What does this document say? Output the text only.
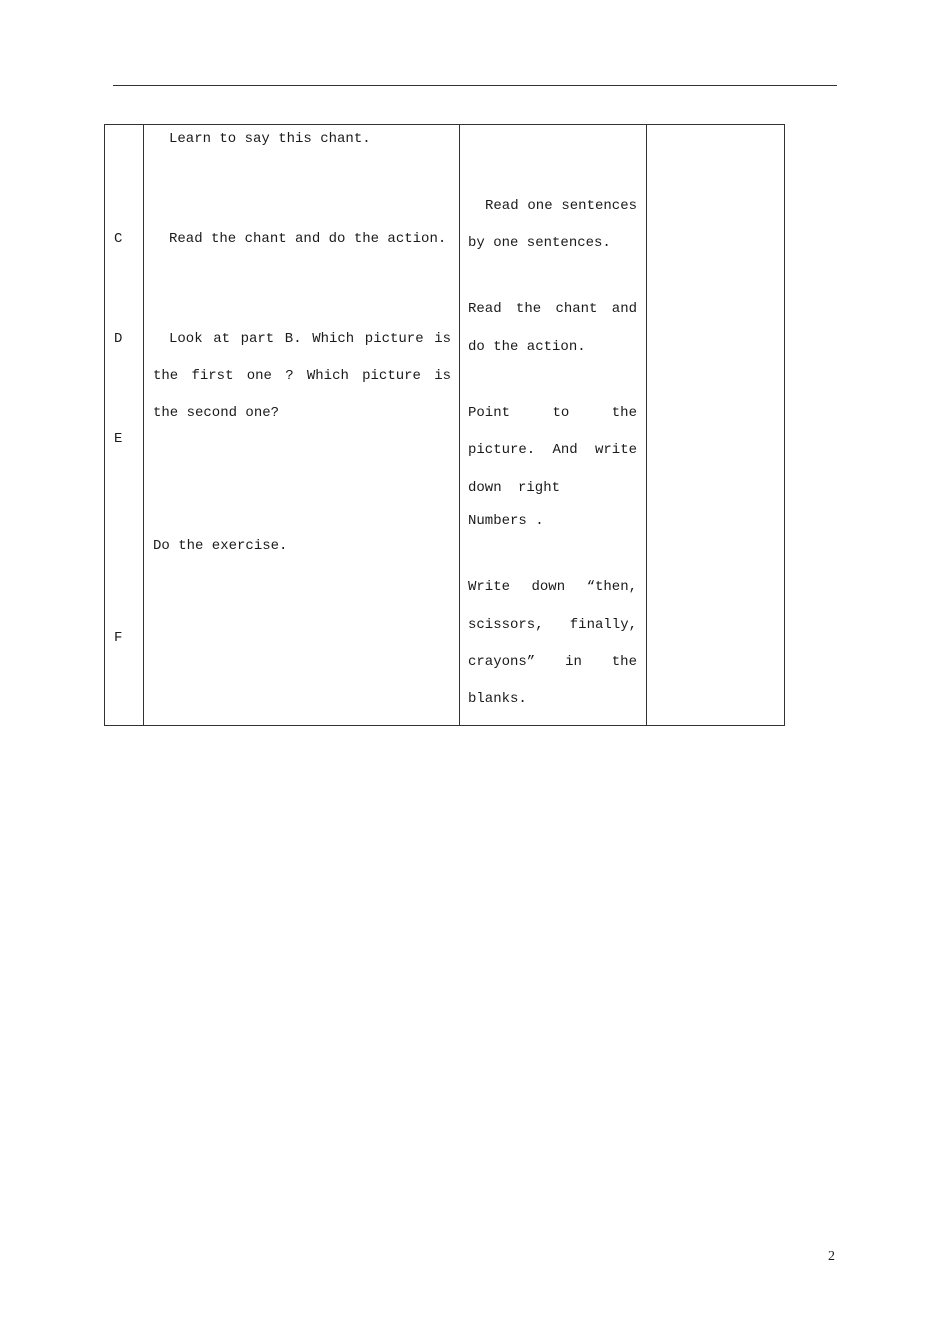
C
D
E
F
Learn to say this chant.
Read the chant and do the action.
Look at part B. Which picture is
the first one ? Which picture is
the second one?
Do the exercise.
Read one sentences
by one sentences.
Read the chant and
do the action.
Point to the
picture. And write
down right
Numbers .
Write down “then,
scissors, finally,
crayons” in the
blanks.
2
